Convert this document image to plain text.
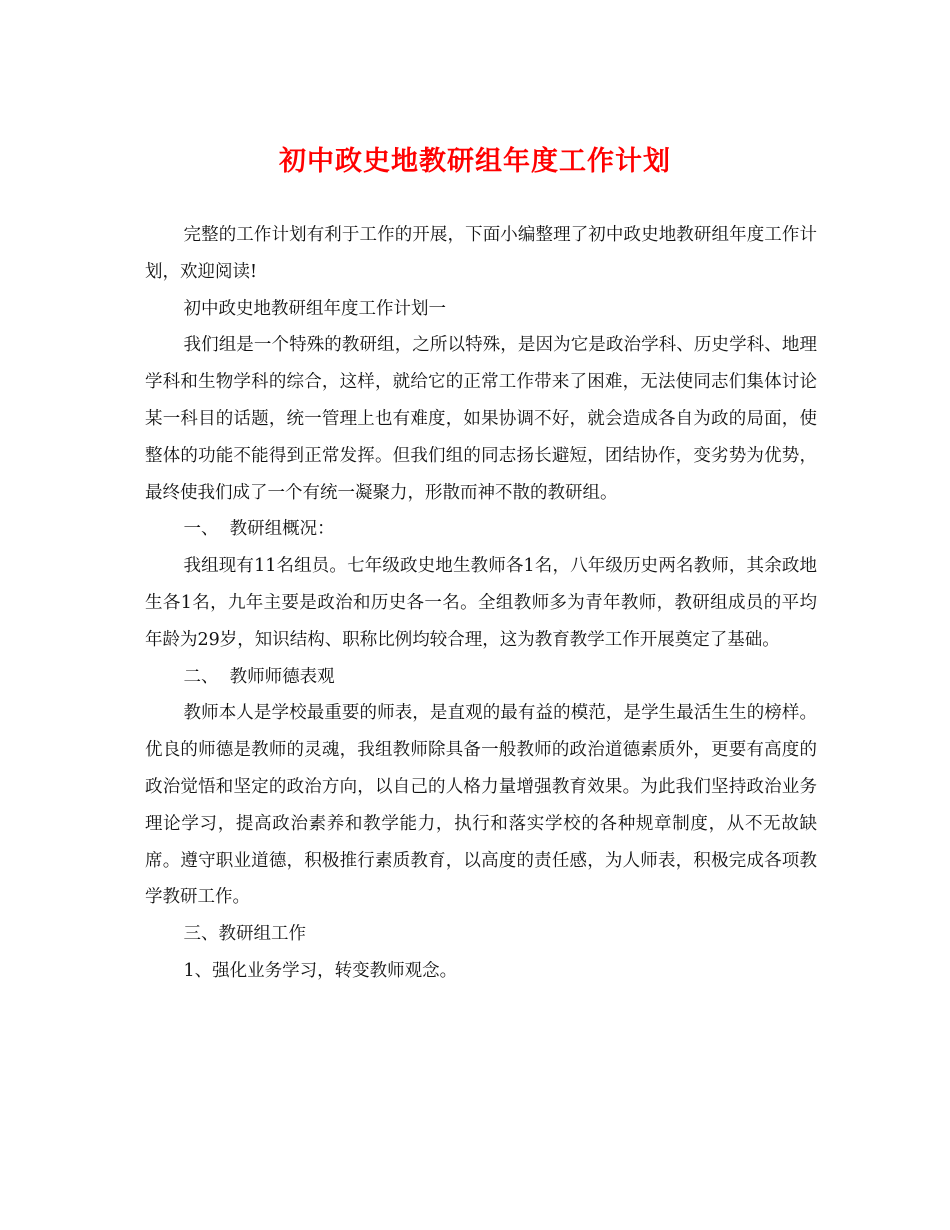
初中政史地教研组年度工作计划

完整的工作计划有利于工作的开展，下面小编整理了初中政史地教研组年度工作计划，欢迎阅读!

初中政史地教研组年度工作计划一

我们组是一个特殊的教研组，之所以特殊，是因为它是政治学科、历史学科、地理学科和生物学科的综合，这样，就给它的正常工作带来了困难，无法使同志们集体讨论某一科目的话题，统一管理上也有难度，如果协调不好，就会造成各自为政的局面，使整体的功能不能得到正常发挥。但我们组的同志扬长避短，团结协作，变劣势为优势，最终使我们成了一个有统一凝聚力，形散而神不散的教研组。

一、  教研组概况：

我组现有11名组员。七年级政史地生教师各1名，八年级历史两名教师，其余政地生各1名，九年主要是政治和历史各一名。全组教师多为青年教师，教研组成员的平均年龄为29岁，知识结构、职称比例均较合理，这为教育教学工作开展奠定了基础。

二、  教师师德表观

教师本人是学校最重要的师表，是直观的最有益的模范，是学生最活生生的榜样。优良的师德是教师的灵魂，我组教师除具备一般教师的政治道德素质外，更要有高度的政治觉悟和坚定的政治方向，以自己的人格力量增强教育效果。为此我们坚持政治业务理论学习，提高政治素养和教学能力，执行和落实学校的各种规章制度，从不无故缺席。遵守职业道德，积极推行素质教育，以高度的责任感，为人师表，积极完成各项教学教研工作。

三、教研组工作

1、强化业务学习，转变教师观念。
